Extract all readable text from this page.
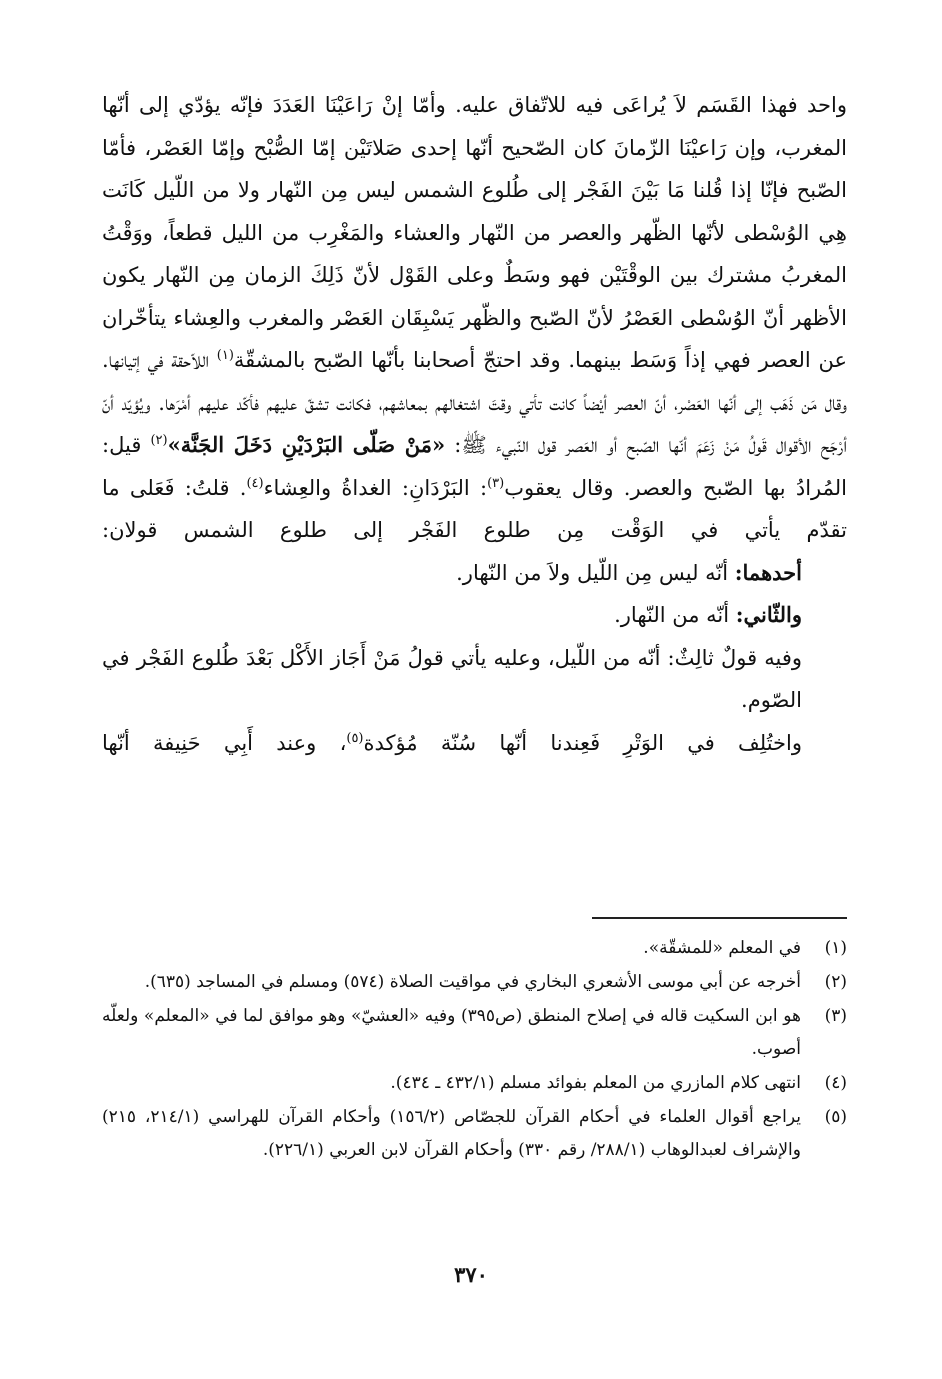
واحد فهذا القَسَم لاَ يُراعَى فيه للاتّفاق عليه. وأمّا إنْ رَاعَيْنَا العَدَدَ فإنّه يؤدّي إلى أنّها المغرب، وإن رَاعيْنَا الزّمانَ كان الصّحيح أنّها إحدى صَلاتَيْن إمّا الصُّبْح وإمّا العَصْر، فأمّا الصّبح فإنّا إذا قُلنا مَا بَيْنَ الفَجْر إلى طُلوع الشمس ليس مِن النّهار ولا من اللّيل كَانَت هِي الوُسْطى لأنّها الظّهر والعصر من النّهار والعشاء والمَغْرِب من الليل قطعاً، ووَقْتُ المغربُ مشترك بين الوقْتَيْن فهو وسَطٌ وعلى القَوْل لأنّ ذَلِكَ الزمان مِن النّهار يكون الأظهر أنّ الوُسْطى العَصْرُ لأنّ الصّبح والظّهر يَسْبِقَان العَصْر والمغرب والعِشاء يتأخّران عن العصر فهي إذاً وَسَط بينهما. وقد احتجّ أصحابنا بأنّها الصّبح بالمشقّة$^{(١)}$ اللاّحقة في إتيانها. وقال مَن ذَهَب إلى أنّها العَصْر، أنّ العصر أيْضاً كانت تأتي وقتَ اشتغالهم بمعاشهم، فكانت تشقّ عليهم فأكّد عليهم أمْرَها. ويُؤيّد أنّ أرْجَح الأقوال قَولُ مَنْ زَعَمَ أنّها الصّبح أو العَصر قول النّبيء ﷺ: «مَنْ صَلّى البَرْدَيْنِ دَخَلَ الجَنَّة»$^{(٢)}$ قيل: المُرادُ بها الصّبح والعصر. وقال يعقوب$^{(٣)}$: البَرْدَانِ: الغداةُ والعِشاء$^{(٤)}$. قلتُ: فَعَلى ما تقدّم يأتي في الوَقْت مِن طلوع الفَجْر إلى طلوع الشمس قولان:

أحدهما: أنّه ليس مِن اللّيل ولاَ من النّهار.

والثّاني: أنّه من النّهار.

وفيه قولٌ ثالِثٌ: أنّه من اللّيل، وعليه يأتي قولُ مَنْ أَجَاز الأَكْل بَعْدَ طُلوع الفَجْر في الصّوم.

واختُلِف في الوَتْرِ فَعِندنا أنّها سُنّة مُؤكدة$^{(٥)}$، وعند أَبِي حَنِيفة أنّها

(١)
في المعلم «للمشقّة».
(٢)
أخرجه عن أبي موسى الأشعري البخاري في مواقيت الصلاة (٥٧٤) ومسلم في المساجد (٦٣٥).
(٣)
هو ابن السكيت قاله في إصلاح المنطق (ص٣٩٥) وفيه «العشيّ» وهو موافق لما في «المعلم» ولعلّه أصوب.
(٤)
انتهى كلام المازري من المعلم بفوائد مسلم (٤٣٢/١ ـ ٤٣٤).
(٥)
يراجع أقوال العلماء في أحكام القرآن للجصّاص (١٥٦/٢) وأحكام القرآن للهراسي (٢١٤/١، ٢١٥) والإشراف لعبدالوهاب (٢٨٨/١/ رقم ٣٣٠) وأحكام القرآن لابن العربي (٢٢٦/١).
٣٧٠
